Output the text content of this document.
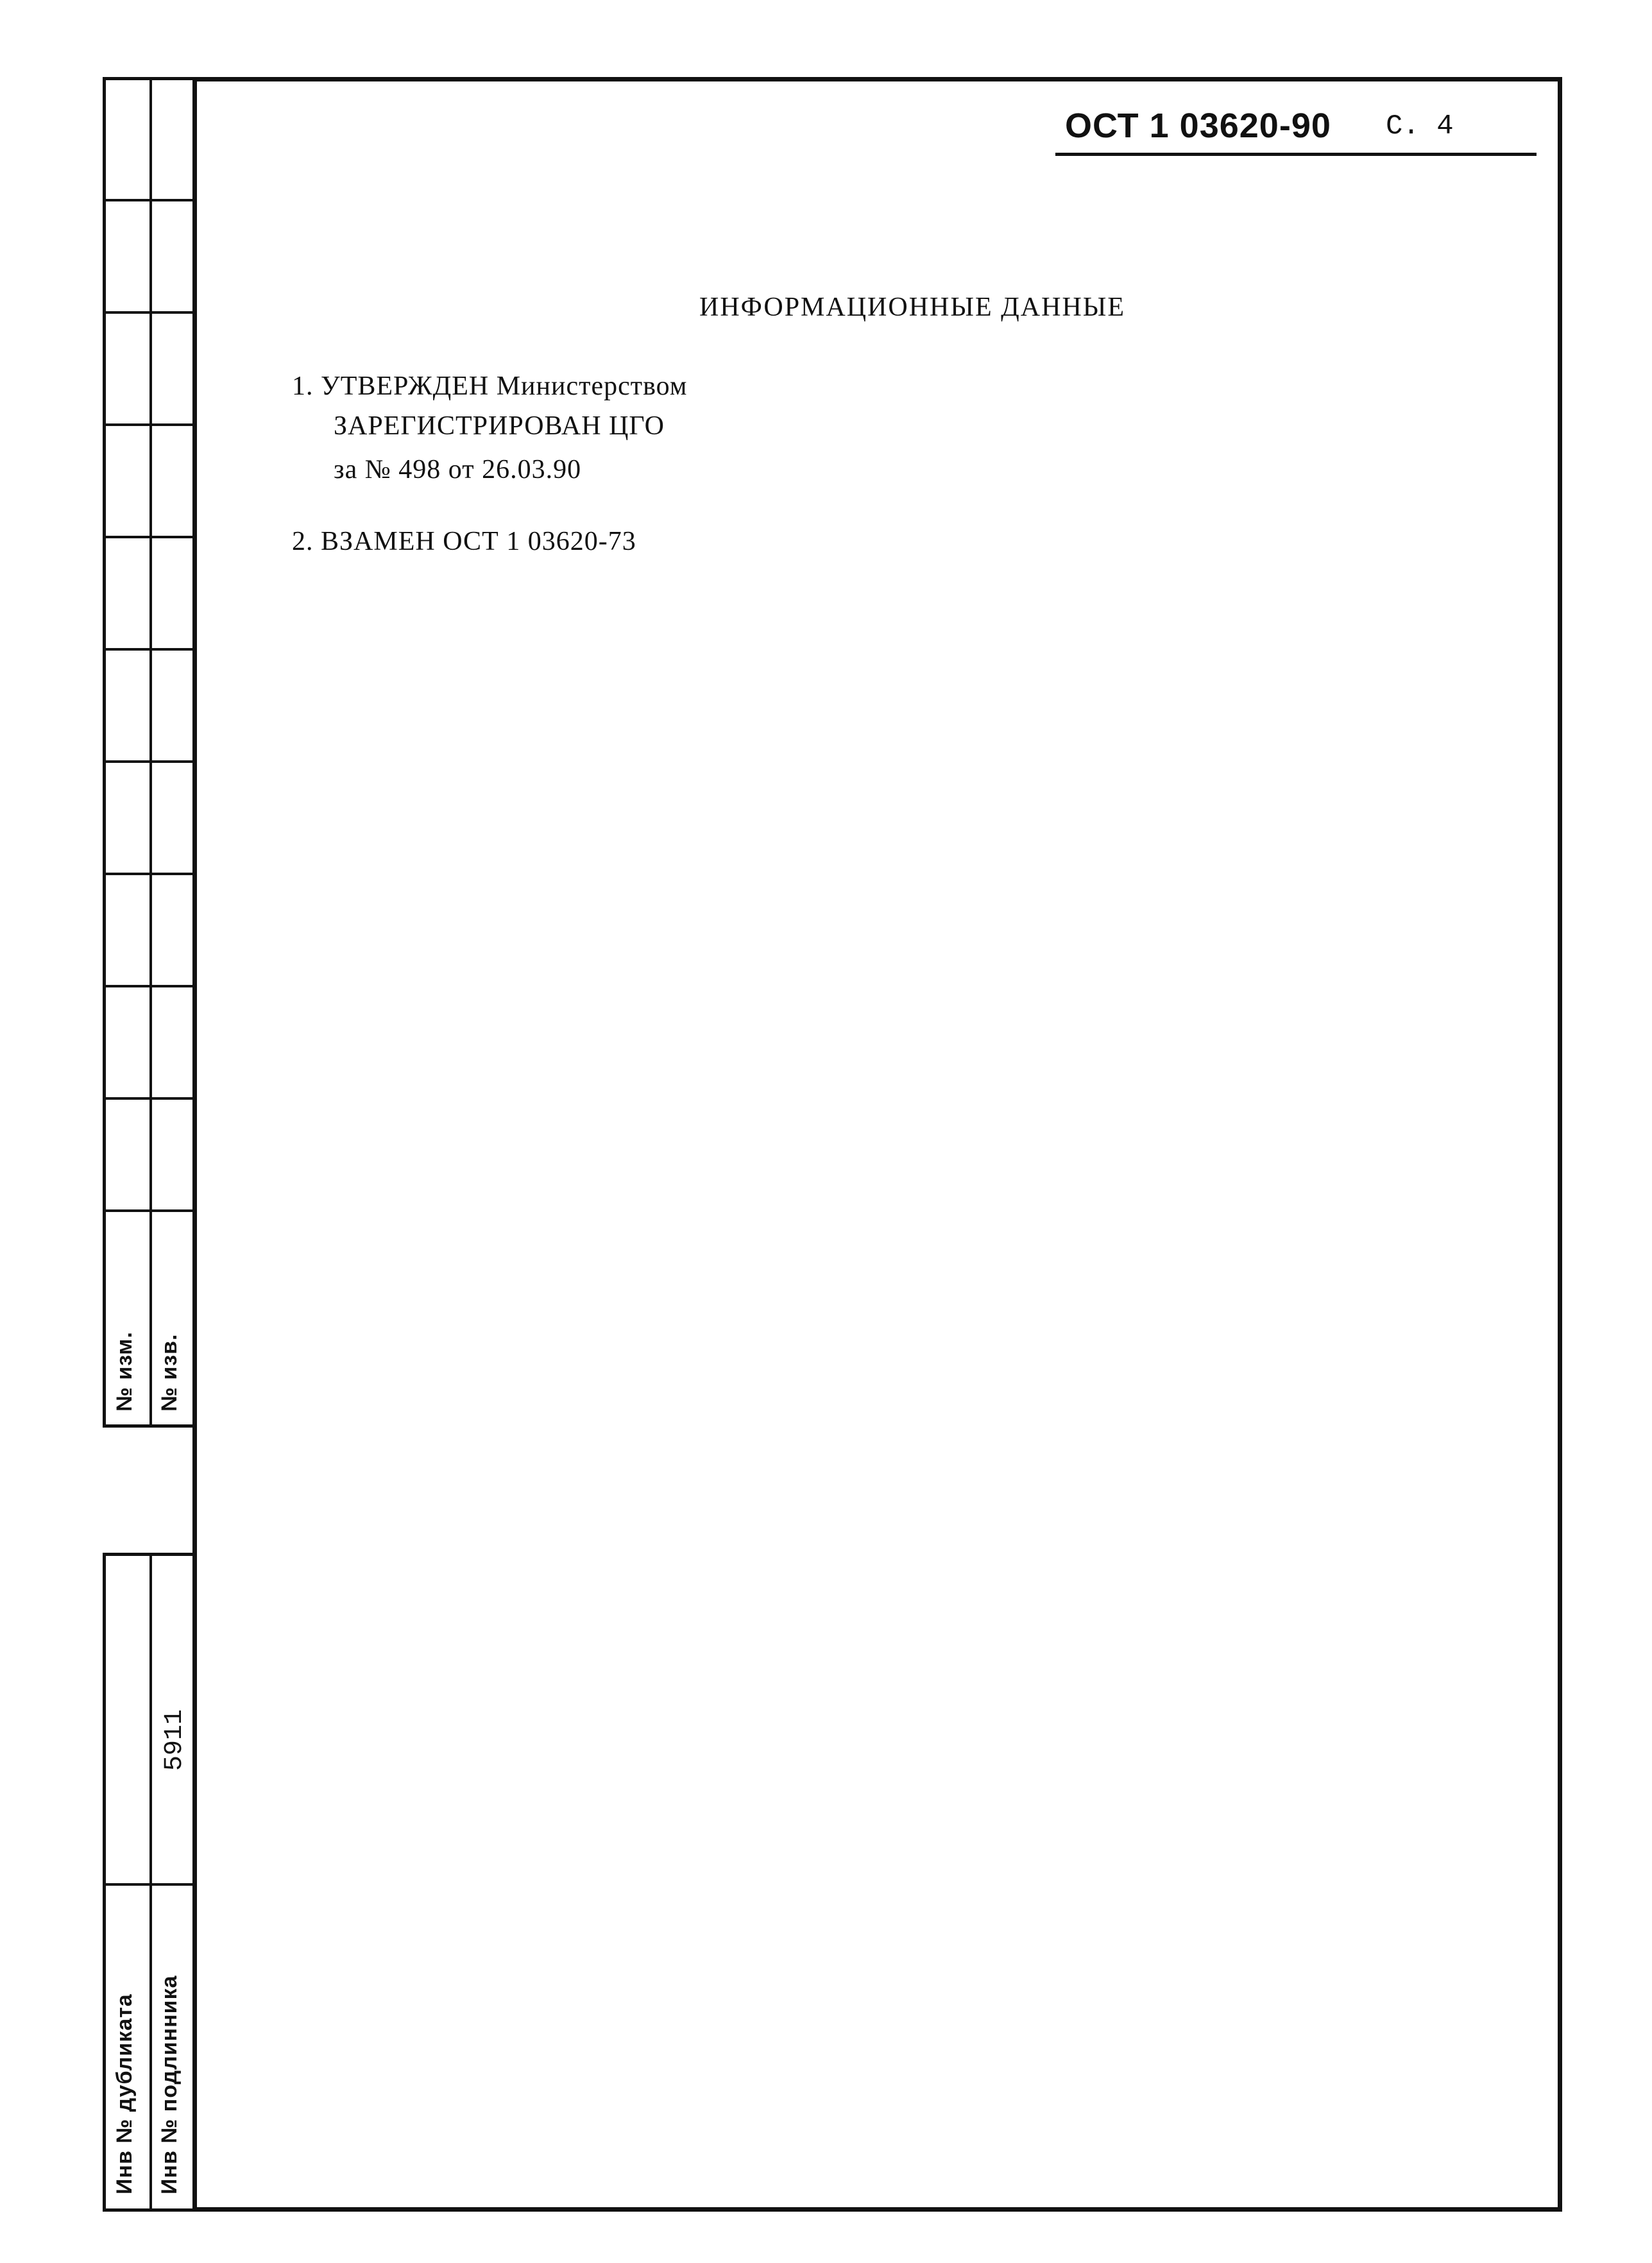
№ изм. № изв.
Инв № дубликата Инв № подлинника
5911
ОСТ 1 03620-90 С. 4
ИНФОРМАЦИОННЫЕ ДАННЫЕ
1. УТВЕРЖДЕН Министерством
ЗАРЕГИСТРИРОВАН ЦГО
за № 498 от 26.03.90
2. ВЗАМЕН ОСТ 1 03620-73
